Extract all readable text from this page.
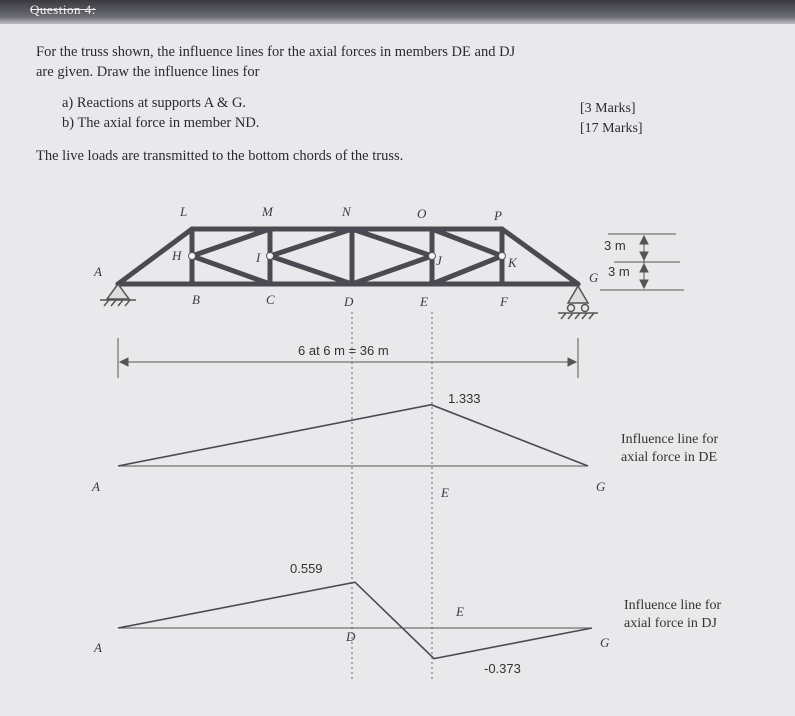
Question 4:
For the truss shown, the influence lines for the axial forces in members DE and DJ
are given. Draw the influence lines for
a) Reactions at supports A & G.
b) The axial force in member ND.
[3 Marks]
[17 Marks]
The live loads are transmitted to the bottom chords of the truss.
L	M	N	O	P
A
B	C	D	E	F
G
H	I	J	K
3 m
3 m
6 at 6 m = 36 m
1.333
A	E	G
Influence line for
axial force in DE
0.559
-0.373
A
D
E
G
Influence line for
axial force in DJ
